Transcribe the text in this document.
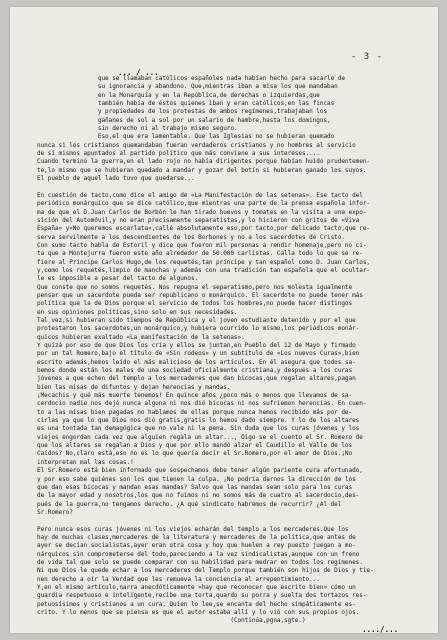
- 3 -
... / ...
que se llamaban católicos españoles nada habían hecho para sacarle de
su ignorancia y abandono. Que,mientras iban a misa los que mandaban
en la Monarquía y en la República,de derechas o izquierdas,que
también había de éstos quienes iban y eran católicos,en las fincas
y propiedades de los protestas de ambos regímenes,trabajaban los
gañanes de sol a sol por un salario de hambre,hasta los domingos,
sin derecho ni al trabajo mismo seguro.
Eso,el que era lamentable. Que las Iglesias no se hubieran quemado
nunca si los cristianos quemandaban fueran verdaderos cristianos y no hombres al servicio
de sí mismos apuntados al partido político que más conviene a sus intereses....
Cuando terminó la guerra,en el lado rojo no había dirigentes porque habían huido prudentemen-
te,lo mismo que se hubieran quedado a mandar y gozar del botín si hubieran ganado los suyos.
El pueblo de aquel lado tuvo que quedarse...

En cuestión de tacto,como dice el amigo de «La Manifestación de las setenas». Ese tacto del
periódico monárquico que se dice católico,que mientras una parte de la prensa española infor-
ma de que el D.Juan Carlos de Borbón le han tirado huevos y tomates en la visita a una expo-
sición del Automóvil,y no eran precisamente separatistas,y lo hicieron con gritos de «Viva
España» y«No queremos escarlata»,callé absolutamente eso,por tacto,por delicado tacto,que re-
serva servilmente a los descendientes de los Borbones y no a los sacerdotes de Cristo.
Con sumo tacto habla de Estoril y dice que fueron mil personas a rendir homenaje,pero no ci-
ta que a Montejurra fueron este año alrededor de 50.000 carlistas. Calla todo lo que se re-
fiere al Príncipe Carlos Hugo,de los requetés,tan príncipe y tan español como D. Juan Carlos,
y,como los requetés,limpio de manchas y además con una tradición tan española que el ocultar-
le es imposible a pesar del tacto de algunos.
Que conste que no somos requetés. Nos repugna el separatismo,pero nos molesta igualmente
pensar que un sacerdote pueda ser republicano o monárquico. El sacerdote no puede tener más
política que la de Dios porque el servicio de todos los hombres,no puede hacer distingos
en sus opiniones políticas,sino solo en sus necesidades.
Tal vez,si hubieran sido tiempos de República y el joven estudiante detenido y por el que
protestaron los sacerdotes,un monárquico,y hubiera ocurrido lo mismo,los periódicos monár-
quicos hubieran exaltado «La manifestación de la setenas».
Y quizá por eso de que Dios los cría y ellos se juntan,en Pueblo del 12 de Mayo y firmado
por un tal Romero,bajo el título de «Sin rodeos» y un subtítulo de «Los nuevos Curas»,bien
escrito además,hemos leído el más malicioso de los artículos. En él asegura que todos sa-
bemos donde están los males de una sociedad oficialmente cristiana,y después a los curas
jóvenes a que echen del templo a los mercaderes que dan bicocas,que regalan altares,pagan
bien las misas de difuntos y dejan herencias y mandas.
¡Mecachis y qué más muerte tenemos! En quince años ¿poco más o menos que llevamos de sa-
cerdocio nadie nos dejó nunca alguna ni nos dió bicocas ni nos sufriemon herencias. En cuen-
to a las misas bien pagadas no hablamos de ellas porque nunca hemos recibido más por de-
cirlas ya que lo que Dios nos dió gratis,gratis lo hemos dado siempre. Y lo de los altares
es una tontada tan demagógica que no vale ni la pena. Sin duda que los curas jóvenes y los
viejos engordan cada vez que alguien regala un altar..., Oigo se el cuento el Sr. Romero de
que los altares se regalan a Dios y que por ello mandó alzar el Caudillo el Valle de los
Caídos? No,claro está,eso no es lo que quería decir el Sr.Romero,por el amor de Dios.¡No
interpretan mal las cosas.!
El Sr.Romero está bien informado que sospechamos debe tener algún pariente cura afortunado,
y por eso sabe quiénes son los que tienen la culpa. ¡No podría darnos la dirección de los
que dan esas bicocas y mandan esas mandas? Salvo que las mandas sean solo para los curas
de la mayor edad y nosotros,los que no fuimos ni no somos más de cuatro al sacerdocio,des-
pués de la guerra,no tengamos derecho. ¿A qué sindicato habremos de recurrir? ¿Al del
Sr.Romero?

Pero nunca esos curas jóvenes ni los viejos echarán del templo a los mercaderes.Que los
hay de muchas clases,mercaderes de la literatura y mercaderes de la política,que antes de
ayer se decían socialistas,ayer eran otra cosa y hoy que huelen a rey puesto juegan a mo-
nárquicos sin comprometerse del todo,pareciendo a la vez sindicalistas,aunque con un freno
de vida tal que solo se puede comparar con su habilidad para medrar en todos los regímenes.
Ni que Dios le quede echar a los mercaderes del Templo porque también son hijos de Dios y tie-
nen derecho a oír la Verdad que les remueva la conciencia al arrepentimiento...
Y,en el mismo artículo,narra anecdóticamente «hay que reconocer que escrito bien» cómo un
guardia respetuoso e inteligente,recibe una torta,quardo su porra y suelta dos tortazos res-
petuosísimos y cristianos a un cura. Quien lo lee,se encanta del hecho simpáticamente es-
crito. Y lo menos que se piensa es que el autor estaba allí y lo vió con sus propios ojos.
(Continúa,pgna,sgte.)
..../...
